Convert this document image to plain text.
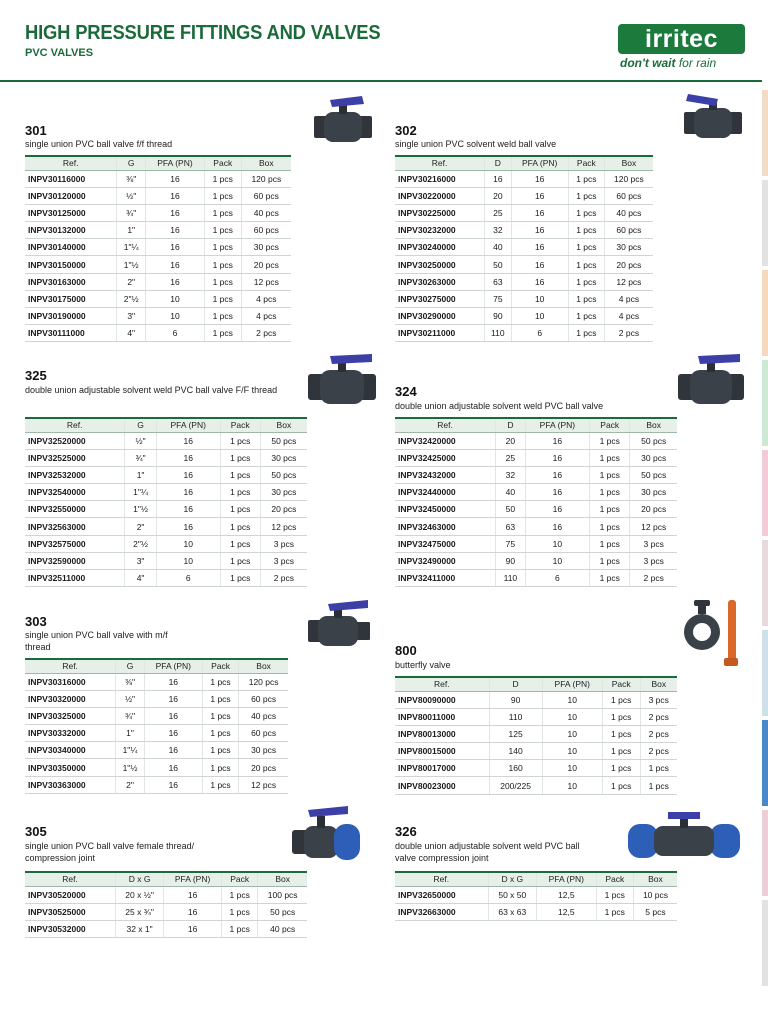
HIGH PRESSURE FITTINGS AND VALVES
PVC VALVES	irritec	®
don't wait for rain
301
single union PVC ball valve f/f thread
Ref.	G	PFA (PN)	Pack	Box
INPV30116000	⅜"	16	1 pcs	120 pcs
INPV30120000	½"	16	1 pcs	60 pcs
INPV30125000	¾"	16	1 pcs	40 pcs
INPV30132000	1"	16	1 pcs	60 pcs
INPV30140000	1"¼	16	1 pcs	30 pcs
INPV30150000	1"½	16	1 pcs	20 pcs
INPV30163000	2"	16	1 pcs	12 pcs
INPV30175000	2"½	10	1 pcs	4 pcs
INPV30190000	3"	10	1 pcs	4 pcs
INPV30111000	4"	6	1 pcs	2 pcs
302
single union PVC solvent weld ball valve
Ref.	D	PFA (PN)	Pack	Box
INPV30216000	16	16	1 pcs	120 pcs
INPV30220000	20	16	1 pcs	60 pcs
INPV30225000	25	16	1 pcs	40 pcs
INPV30232000	32	16	1 pcs	60 pcs
INPV30240000	40	16	1 pcs	30 pcs
INPV30250000	50	16	1 pcs	20 pcs
INPV30263000	63	16	1 pcs	12 pcs
INPV30275000	75	10	1 pcs	4 pcs
INPV30290000	90	10	1 pcs	4 pcs
INPV30211000	110	6	1 pcs	2 pcs
325
double union adjustable solvent weld PVC ball valve F/F thread
Ref.	G	PFA (PN)	Pack	Box
INPV32520000	½"	16	1 pcs	50 pcs
INPV32525000	¾"	16	1 pcs	30 pcs
INPV32532000	1"	16	1 pcs	50 pcs
INPV32540000	1"¼	16	1 pcs	30 pcs
INPV32550000	1"½	16	1 pcs	20 pcs
INPV32563000	2"	16	1 pcs	12 pcs
INPV32575000	2"½	10	1 pcs	3 pcs
INPV32590000	3"	10	1 pcs	3 pcs
INPV32511000	4"	6	1 pcs	2 pcs
324
double union adjustable solvent weld PVC ball valve
Ref.	D	PFA (PN)	Pack	Box
INPV32420000	20	16	1 pcs	50 pcs
INPV32425000	25	16	1 pcs	30 pcs
INPV32432000	32	16	1 pcs	50 pcs
INPV32440000	40	16	1 pcs	30 pcs
INPV32450000	50	16	1 pcs	20 pcs
INPV32463000	63	16	1 pcs	12 pcs
INPV32475000	75	10	1 pcs	3 pcs
INPV32490000	90	10	1 pcs	3 pcs
INPV32411000	110	6	1 pcs	2 pcs
303
single union PVC ball valve with m/f thread
Ref.	G	PFA (PN)	Pack	Box
INPV30316000	⅜"	16	1 pcs	120 pcs
INPV30320000	½"	16	1 pcs	60 pcs
INPV30325000	¾"	16	1 pcs	40 pcs
INPV30332000	1"	16	1 pcs	60 pcs
INPV30340000	1"¼	16	1 pcs	30 pcs
INPV30350000	1"½	16	1 pcs	20 pcs
INPV30363000	2"	16	1 pcs	12 pcs
800
butterfly valve
Ref.	D	PFA (PN)	Pack	Box
INPV80090000	90	10	1 pcs	3 pcs
INPV80011000	110	10	1 pcs	2 pcs
INPV80013000	125	10	1 pcs	2 pcs
INPV80015000	140	10	1 pcs	2 pcs
INPV80017000	160	10	1 pcs	1 pcs
INPV80023000	200/225	10	1 pcs	1 pcs
305
single union PVC ball valve female thread/ compression joint
Ref.	D x G	PFA (PN)	Pack	Box
INPV30520000	20 x ½"	16	1 pcs	100 pcs
INPV30525000	25 x ¾"	16	1 pcs	50 pcs
INPV30532000	32 x 1"	16	1 pcs	40 pcs
326
double union adjustable solvent weld PVC ball valve compression joint
Ref.	D x G	PFA (PN)	Pack	Box
INPV32650000	50 x 50	12,5	1 pcs	10 pcs
INPV32663000	63 x 63	12,5	1 pcs	5 pcs
